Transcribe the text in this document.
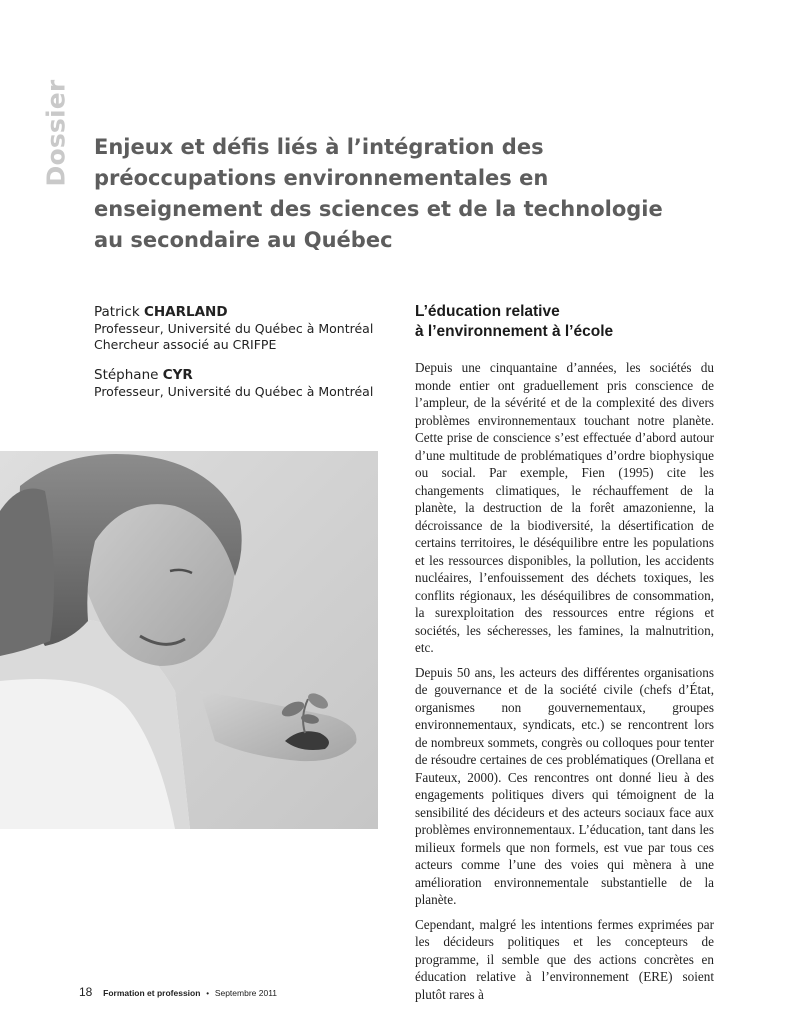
Dossier Enjeux et défis liés à l’intégration des préoccupations environnementales en enseignement des sciences et de la technologie au secondaire au Québec
Patrick CHARLAND
Professeur, Université du Québec à Montréal
Chercheur associé au CRIFPE
Stéphane CYR
Professeur, Université du Québec à Montréal
L’éducation relative
à l’environnement à l’école

Depuis une cinquantaine d’années, les sociétés du monde entier ont graduellement pris conscience de l’ampleur, de la sévérité et de la complexité des divers problèmes environnementaux touchant notre planète. Cette prise de conscience s’est effectuée d’abord autour d’une multitude de problématiques d’ordre biophysique ou social. Par exemple, Fien (1995) cite les changements climatiques, le réchauffement de la planète, la destruction de la forêt amazonienne, la décroissance de la biodiversité, la désertification de certains territoires, le déséquilibre entre les populations et les ressources disponibles, la pollution, les accidents nucléaires, l’enfouissement des déchets toxiques, les conflits régionaux, les déséquilibres de consommation, la surexploitation des ressources entre régions et sociétés, les sécheresses, les famines, la malnutrition, etc.

Depuis 50 ans, les acteurs des différentes organisations de gouvernance et de la société civile (chefs d’État, organismes non gouvernementaux, groupes environnementaux, syndicats, etc.) se rencontrent lors de nombreux sommets, congrès ou colloques pour tenter de résoudre certaines de ces problématiques (Orellana et Fauteux, 2000). Ces rencontres ont donné lieu à des engagements politiques divers qui témoignent de la sensibilité des décideurs et des acteurs sociaux face aux problèmes environnementaux. L’éducation, tant dans les milieux formels que non formels, est vue par tous ces acteurs comme l’une des voies qui mènera à une amélioration environnementale substantielle de la planète.

Cependant, malgré les intentions fermes exprimées par les décideurs politiques et les concepteurs de programme, il semble que des actions concrètes en éducation relative à l’environnement (ERE) soient plutôt rares à

18 Formation et profession • Septembre 2011
